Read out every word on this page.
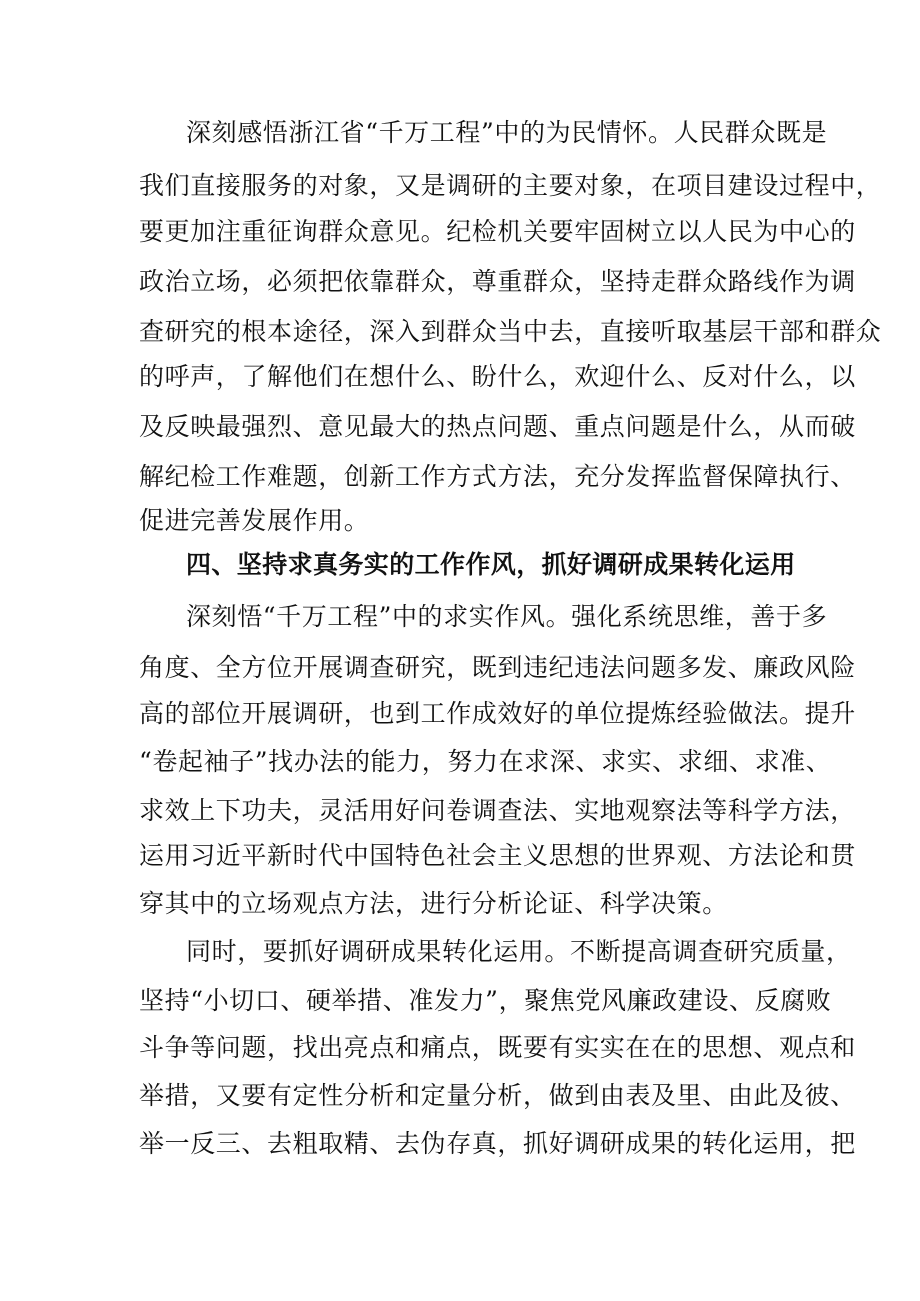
深刻感悟浙江省“千万工程”中的为民情怀。人民群众既是
我们直接服务的对象，又是调研的主要对象，在项目建设过程中，
要更加注重征询群众意见。纪检机关要牢固树立以人民为中心的
政治立场，必须把依靠群众，尊重群众，坚持走群众路线作为调
查研究的根本途径，深入到群众当中去，直接听取基层干部和群众
的呼声，了解他们在想什么、盼什么，欢迎什么、反对什么，以
及反映最强烈、意见最大的热点问题、重点问题是什么，从而破
解纪检工作难题，创新工作方式方法，充分发挥监督保障执行、
促进完善发展作用。
四、坚持求真务实的工作作风，抓好调研成果转化运用
深刻悟“千万工程”中的求实作风。强化系统思维，善于多
角度、全方位开展调查研究，既到违纪违法问题多发、廉政风险
高的部位开展调研，也到工作成效好的单位提炼经验做法。提升
“卷起袖子”找办法的能力，努力在求深、求实、求细、求准、
求效上下功夫，灵活用好问卷调查法、实地观察法等科学方法，
运用习近平新时代中国特色社会主义思想的世界观、方法论和贯
穿其中的立场观点方法，进行分析论证、科学决策。
同时，要抓好调研成果转化运用。不断提高调查研究质量，
坚持“小切口、硬举措、准发力”，聚焦党风廉政建设、反腐败
斗争等问题，找出亮点和痛点，既要有实实在在的思想、观点和
举措，又要有定性分析和定量分析，做到由表及里、由此及彼、
举一反三、去粗取精、去伪存真，抓好调研成果的转化运用，把
